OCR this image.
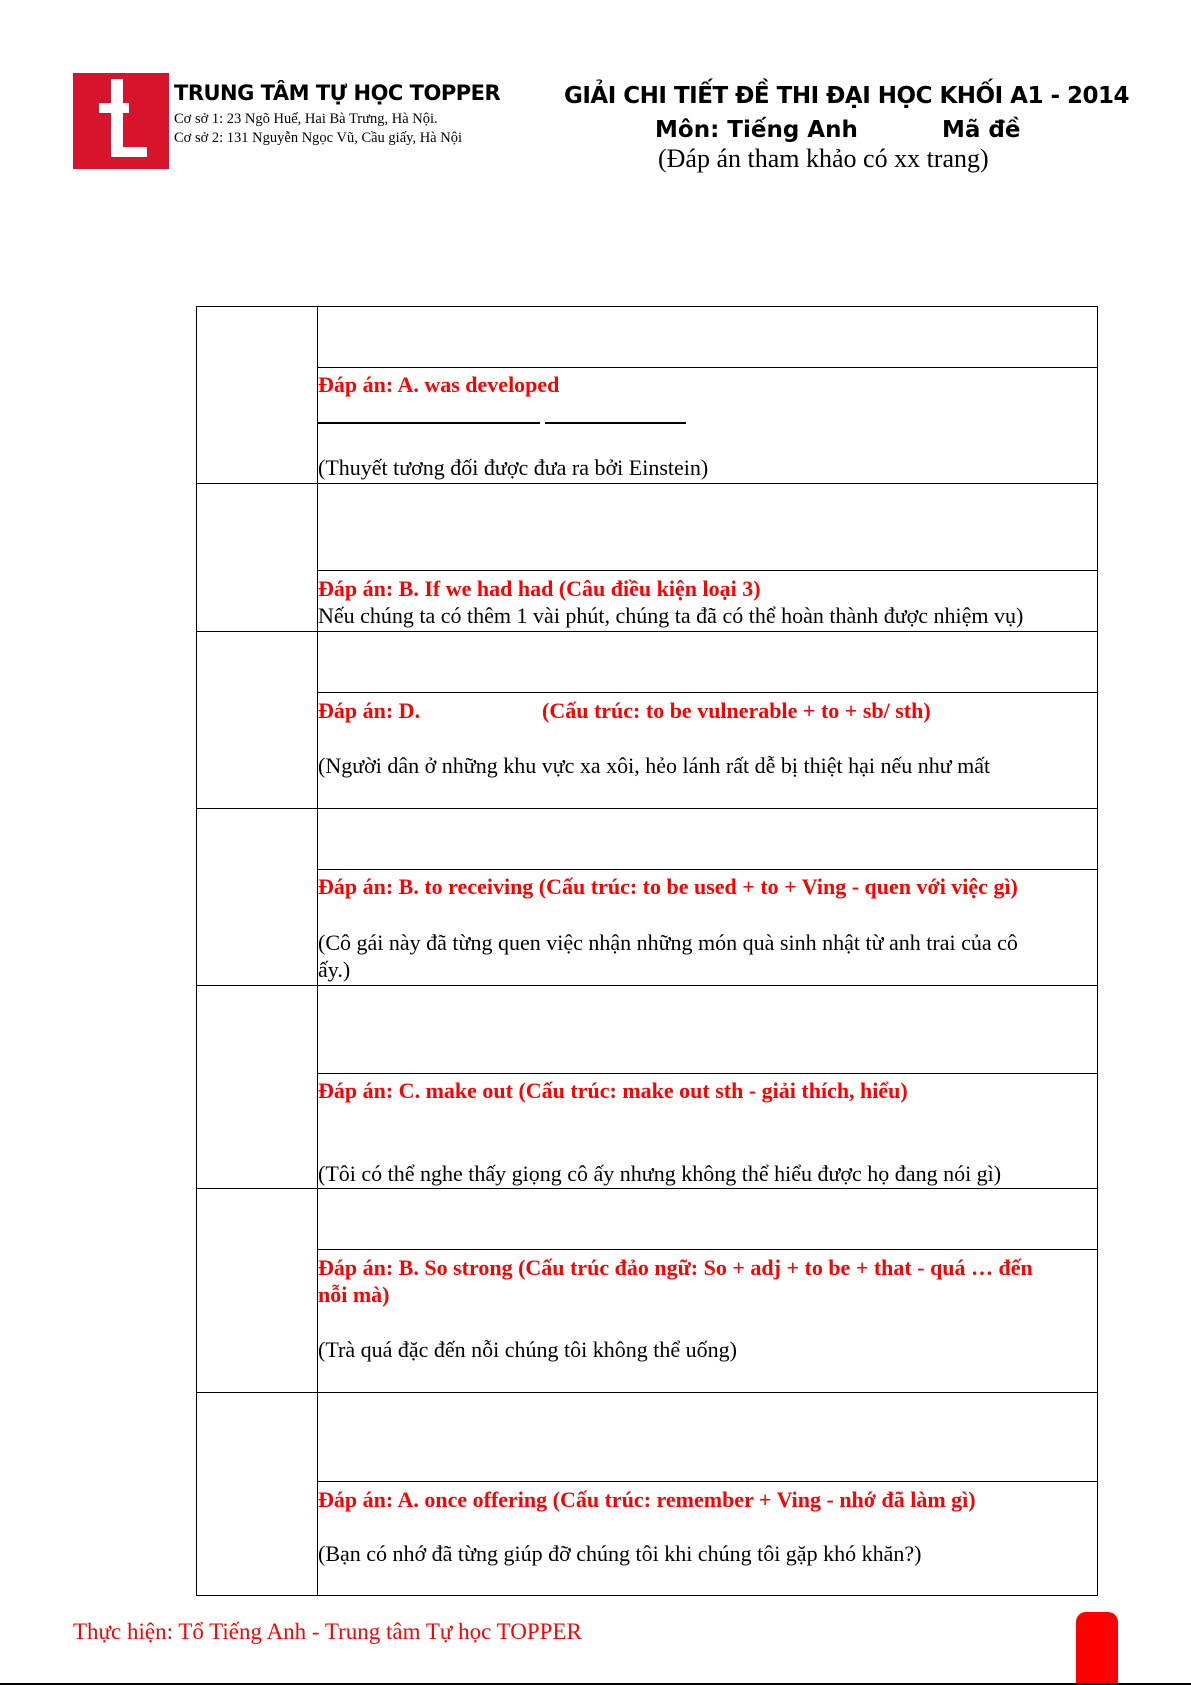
TRUNG TÂM TỰ HỌC TOPPER
Cơ sở 1: 23 Ngõ Huế, Hai Bà Trưng, Hà Nội.
Cơ sở 2: 131 Nguyễn Ngọc Vũ, Cầu giấy, Hà Nội
GIẢI CHI TIẾT ĐỀ THI ĐẠI HỌC KHỐI A1 - 2014
Môn: Tiếng Anh	Mã đề
(Đáp án tham khảo có xx trang)
Đáp án: A. was developed
(Thuyết tương đối được đưa ra bởi Einstein)
Đáp án: B. If we had had (Câu điều kiện loại 3)
Nếu chúng ta có thêm 1 vài phút, chúng ta đã có thể hoàn thành được nhiệm vụ)
Đáp án: D.	(Cấu trúc: to be vulnerable + to + sb/ sth)
(Người dân ở những khu vực xa xôi, hẻo lánh rất dễ bị thiệt hại nếu như mất
Đáp án: B. to receiving (Cấu trúc: to be used + to + Ving - quen với việc gì)
(Cô gái này đã từng quen việc nhận những món quà sinh nhật từ anh trai của cô
ấy.)
Đáp án: C. make out (Cấu trúc: make out sth - giải thích, hiểu)
(Tôi có thể nghe thấy giọng cô ấy nhưng không thể hiểu được họ đang nói gì)
Đáp án: B. So strong (Cấu trúc đảo ngữ: So + adj + to be + that - quá … đến
nỗi mà)
(Trà quá đặc đến nỗi chúng tôi không thể uống)
Đáp án: A. once offering (Cấu trúc: remember + Ving - nhớ đã làm gì)
(Bạn có nhớ đã từng giúp đỡ chúng tôi khi chúng tôi gặp khó khăn?)
Thực hiện: Tổ Tiếng Anh - Trung tâm Tự học TOPPER
